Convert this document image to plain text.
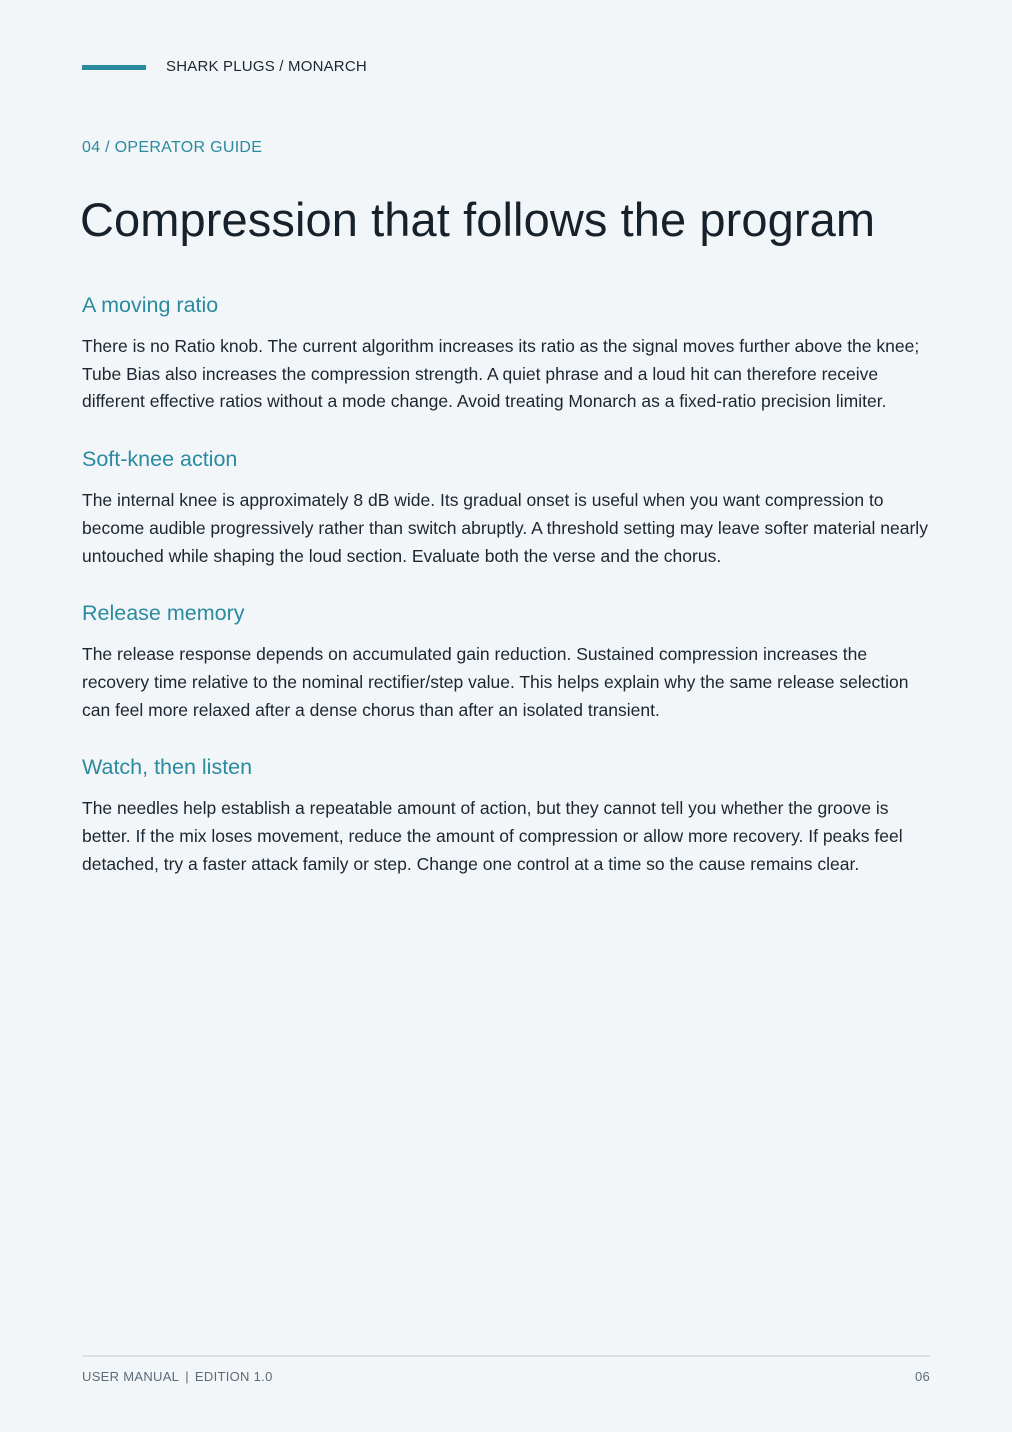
SHARK PLUGS / MONARCH
04 / OPERATOR GUIDE
Compression that follows the program
A moving ratio

There is no Ratio knob. The current algorithm increases its ratio as the signal moves further above the knee; Tube Bias also increases the compression strength. A quiet phrase and a loud hit can therefore receive different effective ratios without a mode change. Avoid treating Monarch as a fixed-ratio precision limiter.

Soft-knee action

The internal knee is approximately 8 dB wide. Its gradual onset is useful when you want compression to become audible progressively rather than switch abruptly. A threshold setting may leave softer material nearly untouched while shaping the loud section. Evaluate both the verse and the chorus.

Release memory

The release response depends on accumulated gain reduction. Sustained compression increases the recovery time relative to the nominal rectifier/step value. This helps explain why the same release selection can feel more relaxed after a dense chorus than after an isolated transient.

Watch, then listen

The needles help establish a repeatable amount of action, but they cannot tell you whether the groove is better. If the mix loses movement, reduce the amount of compression or allow more recovery. If peaks feel detached, try a faster attack family or step. Change one control at a time so the cause remains clear.

USER MANUAL | EDITION 1.0	06
